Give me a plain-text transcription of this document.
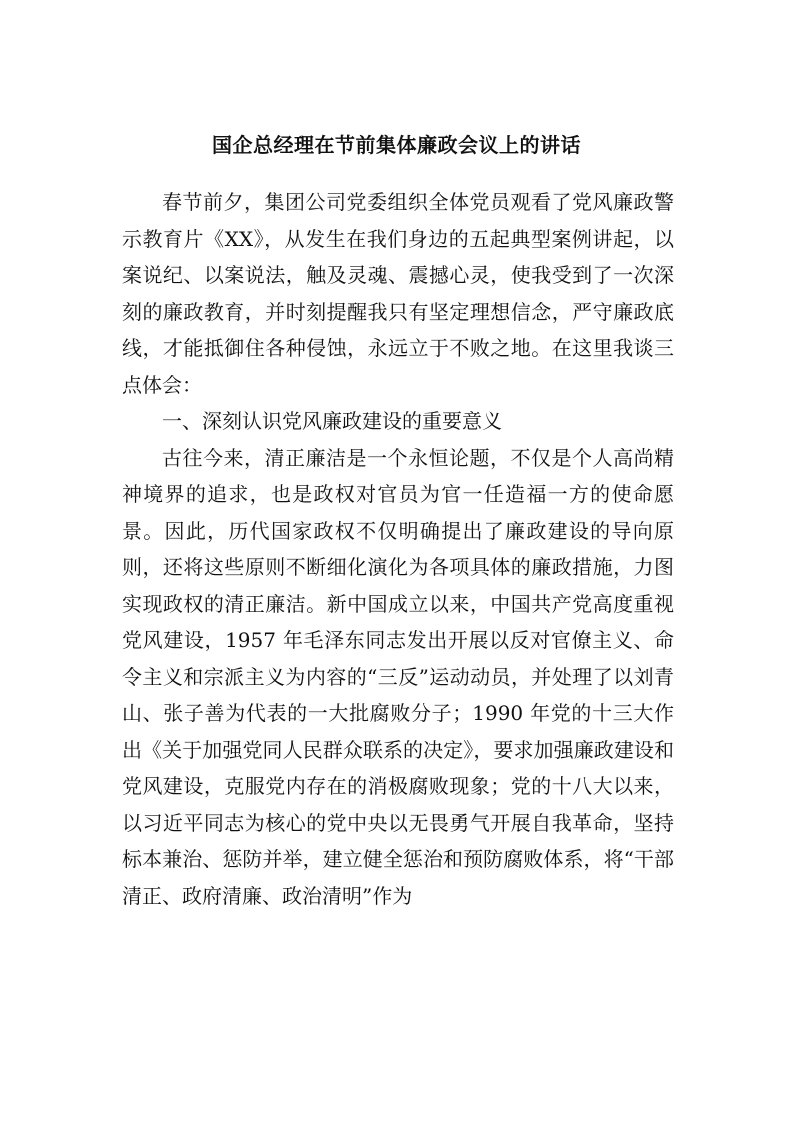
国企总经理在节前集体廉政会议上的讲话

春节前夕，集团公司党委组织全体党员观看了党风廉政警示教育片《XX》，从发生在我们身边的五起典型案例讲起，以案说纪、以案说法，触及灵魂、震撼心灵，使我受到了一次深刻的廉政教育，并时刻提醒我只有坚定理想信念，严守廉政底线，才能抵御住各种侵蚀，永远立于不败之地。在这里我谈三点体会：

一、深刻认识党风廉政建设的重要意义

古往今来，清正廉洁是一个永恒论题，不仅是个人高尚精神境界的追求，也是政权对官员为官一任造福一方的使命愿景。因此，历代国家政权不仅明确提出了廉政建设的导向原则，还将这些原则不断细化演化为各项具体的廉政措施，力图实现政权的清正廉洁。新中国成立以来，中国共产党高度重视党风建设，1957 年毛泽东同志发出开展以反对官僚主义、命令主义和宗派主义为内容的“三反”运动动员，并处理了以刘青山、张子善为代表的一大批腐败分子；1990 年党的十三大作出《关于加强党同人民群众联系的决定》，要求加强廉政建设和党风建设，克服党内存在的消极腐败现象；党的十八大以来，以习近平同志为核心的党中央以无畏勇气开展自我革命，坚持标本兼治、惩防并举，建立健全惩治和预防腐败体系，将“干部清正、政府清廉、政治清明”作为
